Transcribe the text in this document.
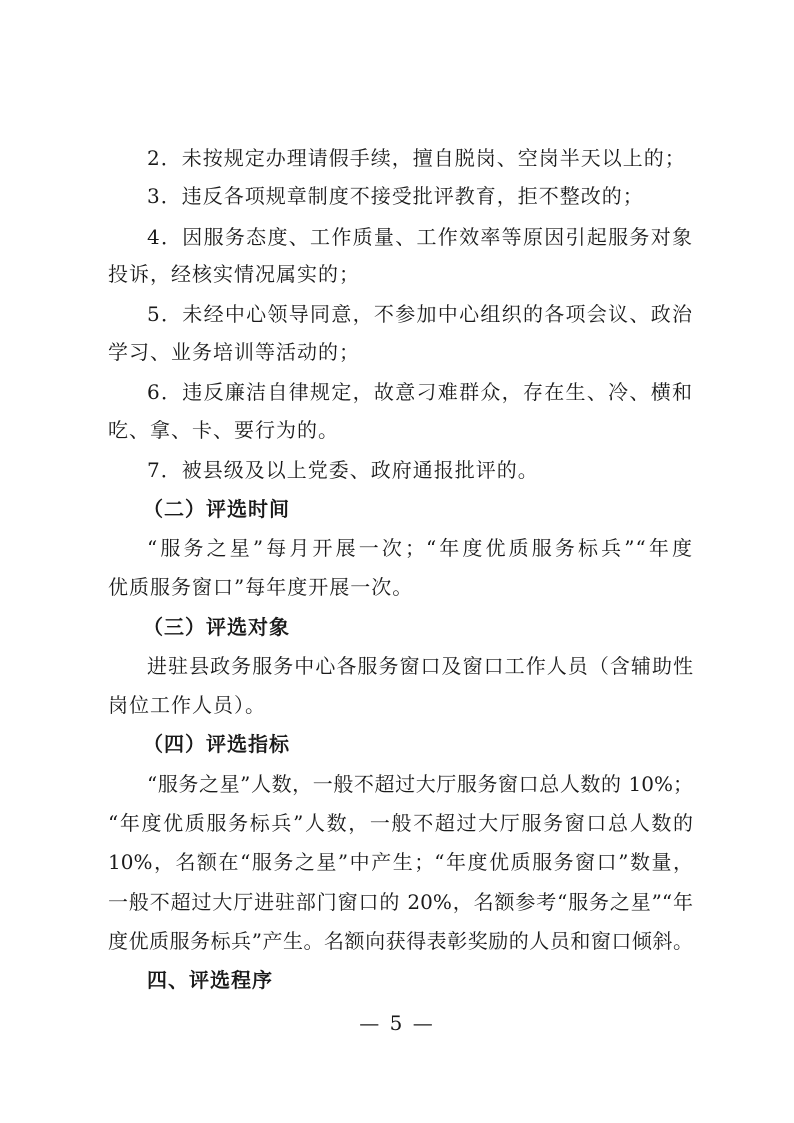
2．未按规定办理请假手续，擅自脱岗、空岗半天以上的；
3．违反各项规章制度不接受批评教育，拒不整改的；
4．因服务态度、工作质量、工作效率等原因引起服务对象
投诉，经核实情况属实的；
5．未经中心领导同意，不参加中心组织的各项会议、政治
学习、业务培训等活动的；
6．违反廉洁自律规定，故意刁难群众，存在生、冷、横和
吃、拿、卡、要行为的。
7．被县级及以上党委、政府通报批评的。
（二）评选时间
“服务之星”每月开展一次；“年度优质服务标兵”“年度
优质服务窗口”每年度开展一次。
（三）评选对象
进驻县政务服务中心各服务窗口及窗口工作人员（含辅助性
岗位工作人员）。
（四）评选指标
“服务之星”人数，一般不超过大厅服务窗口总人数的 10%；
“年度优质服务标兵”人数，一般不超过大厅服务窗口总人数的
10%，名额在“服务之星”中产生；“年度优质服务窗口”数量，
一般不超过大厅进驻部门窗口的 20%，名额参考“服务之星”“年
度优质服务标兵”产生。名额向获得表彰奖励的人员和窗口倾斜。
四、评选程序
— 5 —
